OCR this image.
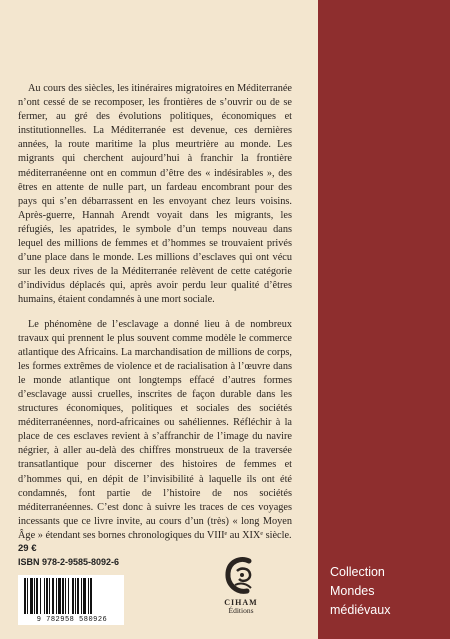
Au cours des siècles, les itinéraires migratoires en Méditerranée n’ont cessé de se recomposer, les frontières de s’ouvrir ou de se fermer, au gré des évolutions politiques, économiques et institutionnelles. La Méditerranée est devenue, ces dernières années, la route maritime la plus meurtrière au monde. Les migrants qui cherchent aujourd’hui à franchir la frontière méditerranéenne ont en commun d’être des « indésirables », des êtres en attente de nulle part, un fardeau encombrant pour des pays qui s’en débarrassent en les envoyant chez leurs voisins. Après-guerre, Hannah Arendt voyait dans les migrants, les réfugiés, les apatrides, le symbole d’un temps nouveau dans lequel des millions de femmes et d’hommes se trouvaient privés d’une place dans le monde. Les millions d’esclaves qui ont vécu sur les deux rives de la Méditerranée relèvent de cette catégorie d’individus déplacés qui, après avoir perdu leur qualité d’êtres humains, étaient condamnés à une mort sociale.

Le phénomène de l’esclavage a donné lieu à de nombreux travaux qui prennent le plus souvent comme modèle le commerce atlantique des Africains. La marchandisation de millions de corps, les formes extrêmes de violence et de racialisation à l’œuvre dans le monde atlantique ont longtemps effacé d’autres formes d’esclavage aussi cruelles, inscrites de façon durable dans les structures économiques, politiques et sociales des sociétés méditerranéennes, nord-africaines ou sahéliennes. Réfléchir à la place de ces esclaves revient à s’affranchir de l’image du navire négrier, à aller au-delà des chiffres monstrueux de la traversée transatlantique pour discerner des histoires de femmes et d’hommes qui, en dépit de l’invisibilité à laquelle ils ont été condamnés, font partie de l’histoire de nos sociétés méditerranéennes. C’est donc à suivre les traces de ces voyages incessants que ce livre invite, au cours d’un (très) « long Moyen Âge » étendant ses bornes chronologiques du VIIIᵉ au XIXᵉ siècle.

29 €
ISBN 978-2-9585-8092-6
9 782958 580926
CIHAM
Éditions
Collection
Mondes
médiévaux
